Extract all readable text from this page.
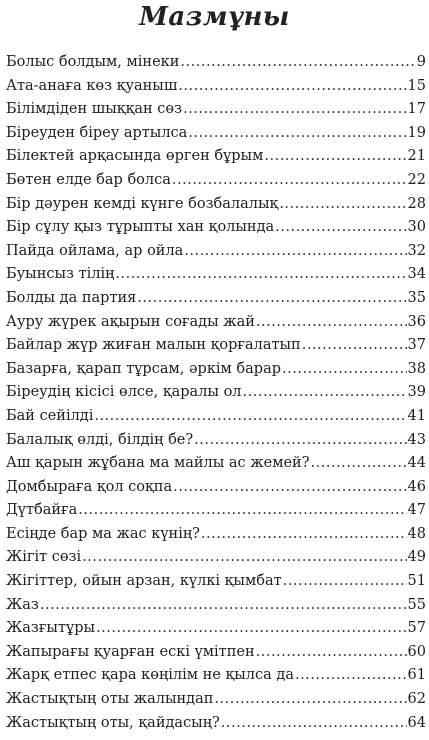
Мазмұны
Болыс болдым, мінеки .....	9
Ата-анаға көз қуаныш .....	15
Білімдіден шыққан сөз .....	17
Біреуден біреу артылса .....	19
Білектей арқасында өрген бұрым .....	21
Бөтен елде бар болса .....	22
Бір дәурен кемді күнге бозбалалық .....	28
Бір сұлу қыз тұрыпты хан қолында .....	30
Пайда ойлама, ар ойла .....	32
Буынсыз тілің .....	34
Болды да партия .....	35
Ауру жүрек ақырын соғады жай .....	36
Байлар жүр жиған малын қорғалатып .....	37
Базарға, қарап тұрсам, әркім барар .....	38
Біреудің кісісі өлсе, қаралы ол .....	39
Бай сейілді .....	41
Балалық өлді, білдің бе? .....	43
Аш қарын жұбана ма майлы ас жемей? .....	44
Домбыраға қол соқпа .....	46
Дүтбайға .....	47
Есіңде бар ма жас күнің? .....	48
Жігіт сөзі .....	49
Жігіттер, ойын арзан, күлкі қымбат .....	51
Жаз .....	55
Жазғытұры .....	57
Жапырағы қуарған ескі үмітпен .....	60
Жарқ етпес қара көңілім не қылса да .....	61
Жастықтың оты жалындап .....	62
Жастықтың оты, қайдасың? .....	64
